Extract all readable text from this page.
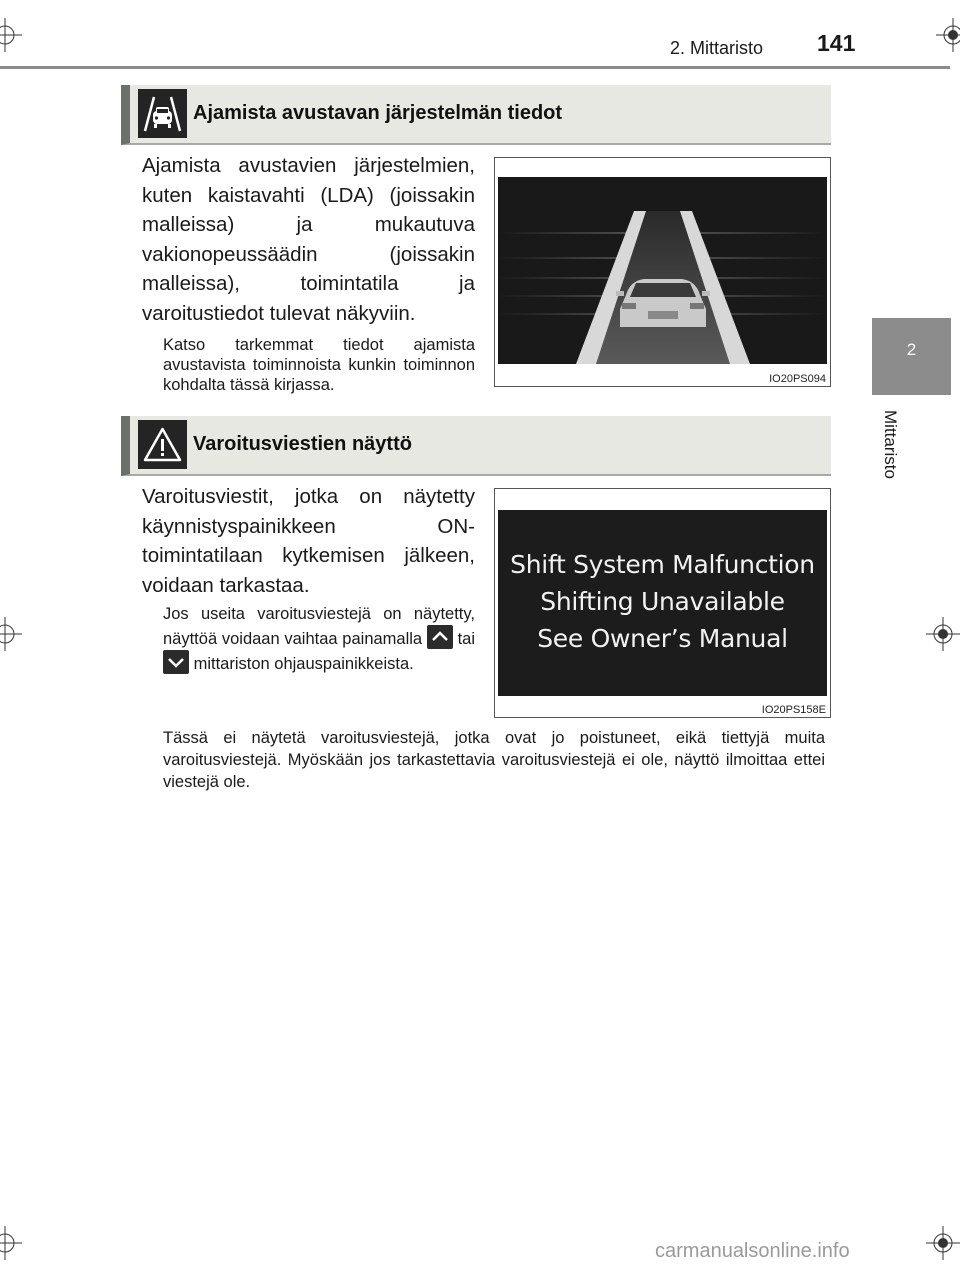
2. Mittaristo 141
2
Mittaristo
Ajamista avustavan järjestelmän tiedot
Ajamista avustavien järjestelmien, kuten kaistavahti (LDA) (joissakin malleissa) ja mukautuva vakionopeussäädin (joissakin malleissa), toimintatila ja varoitustiedot tulevat näkyviin.
Katso tarkemmat tiedot ajamista avustavista toiminnoista kunkin toiminnon kohdalta tässä kirjassa.	IO20PS094
Varoitusviestien näyttö
Varoitusviestit, jotka on näytetty käynnistyspainikkeen ON-toimintatilaan kytkemisen jälkeen, voidaan tarkastaa.
Jos useita varoitusviestejä on näytetty, näyttöä voidaan vaihtaa painamalla tai
mittariston ohjauspainikkeista.
Shift System Malfunction
Shifting Unavailable
See Owner’s Manual
IO20PS158E
Tässä ei näytetä varoitusviestejä, jotka ovat jo poistuneet, eikä tiettyjä muita varoitusviestejä. Myöskään jos tarkastettavia varoitusviestejä ei ole, näyttö ilmoittaa ettei viestejä ole.
carmanualsonline.info
